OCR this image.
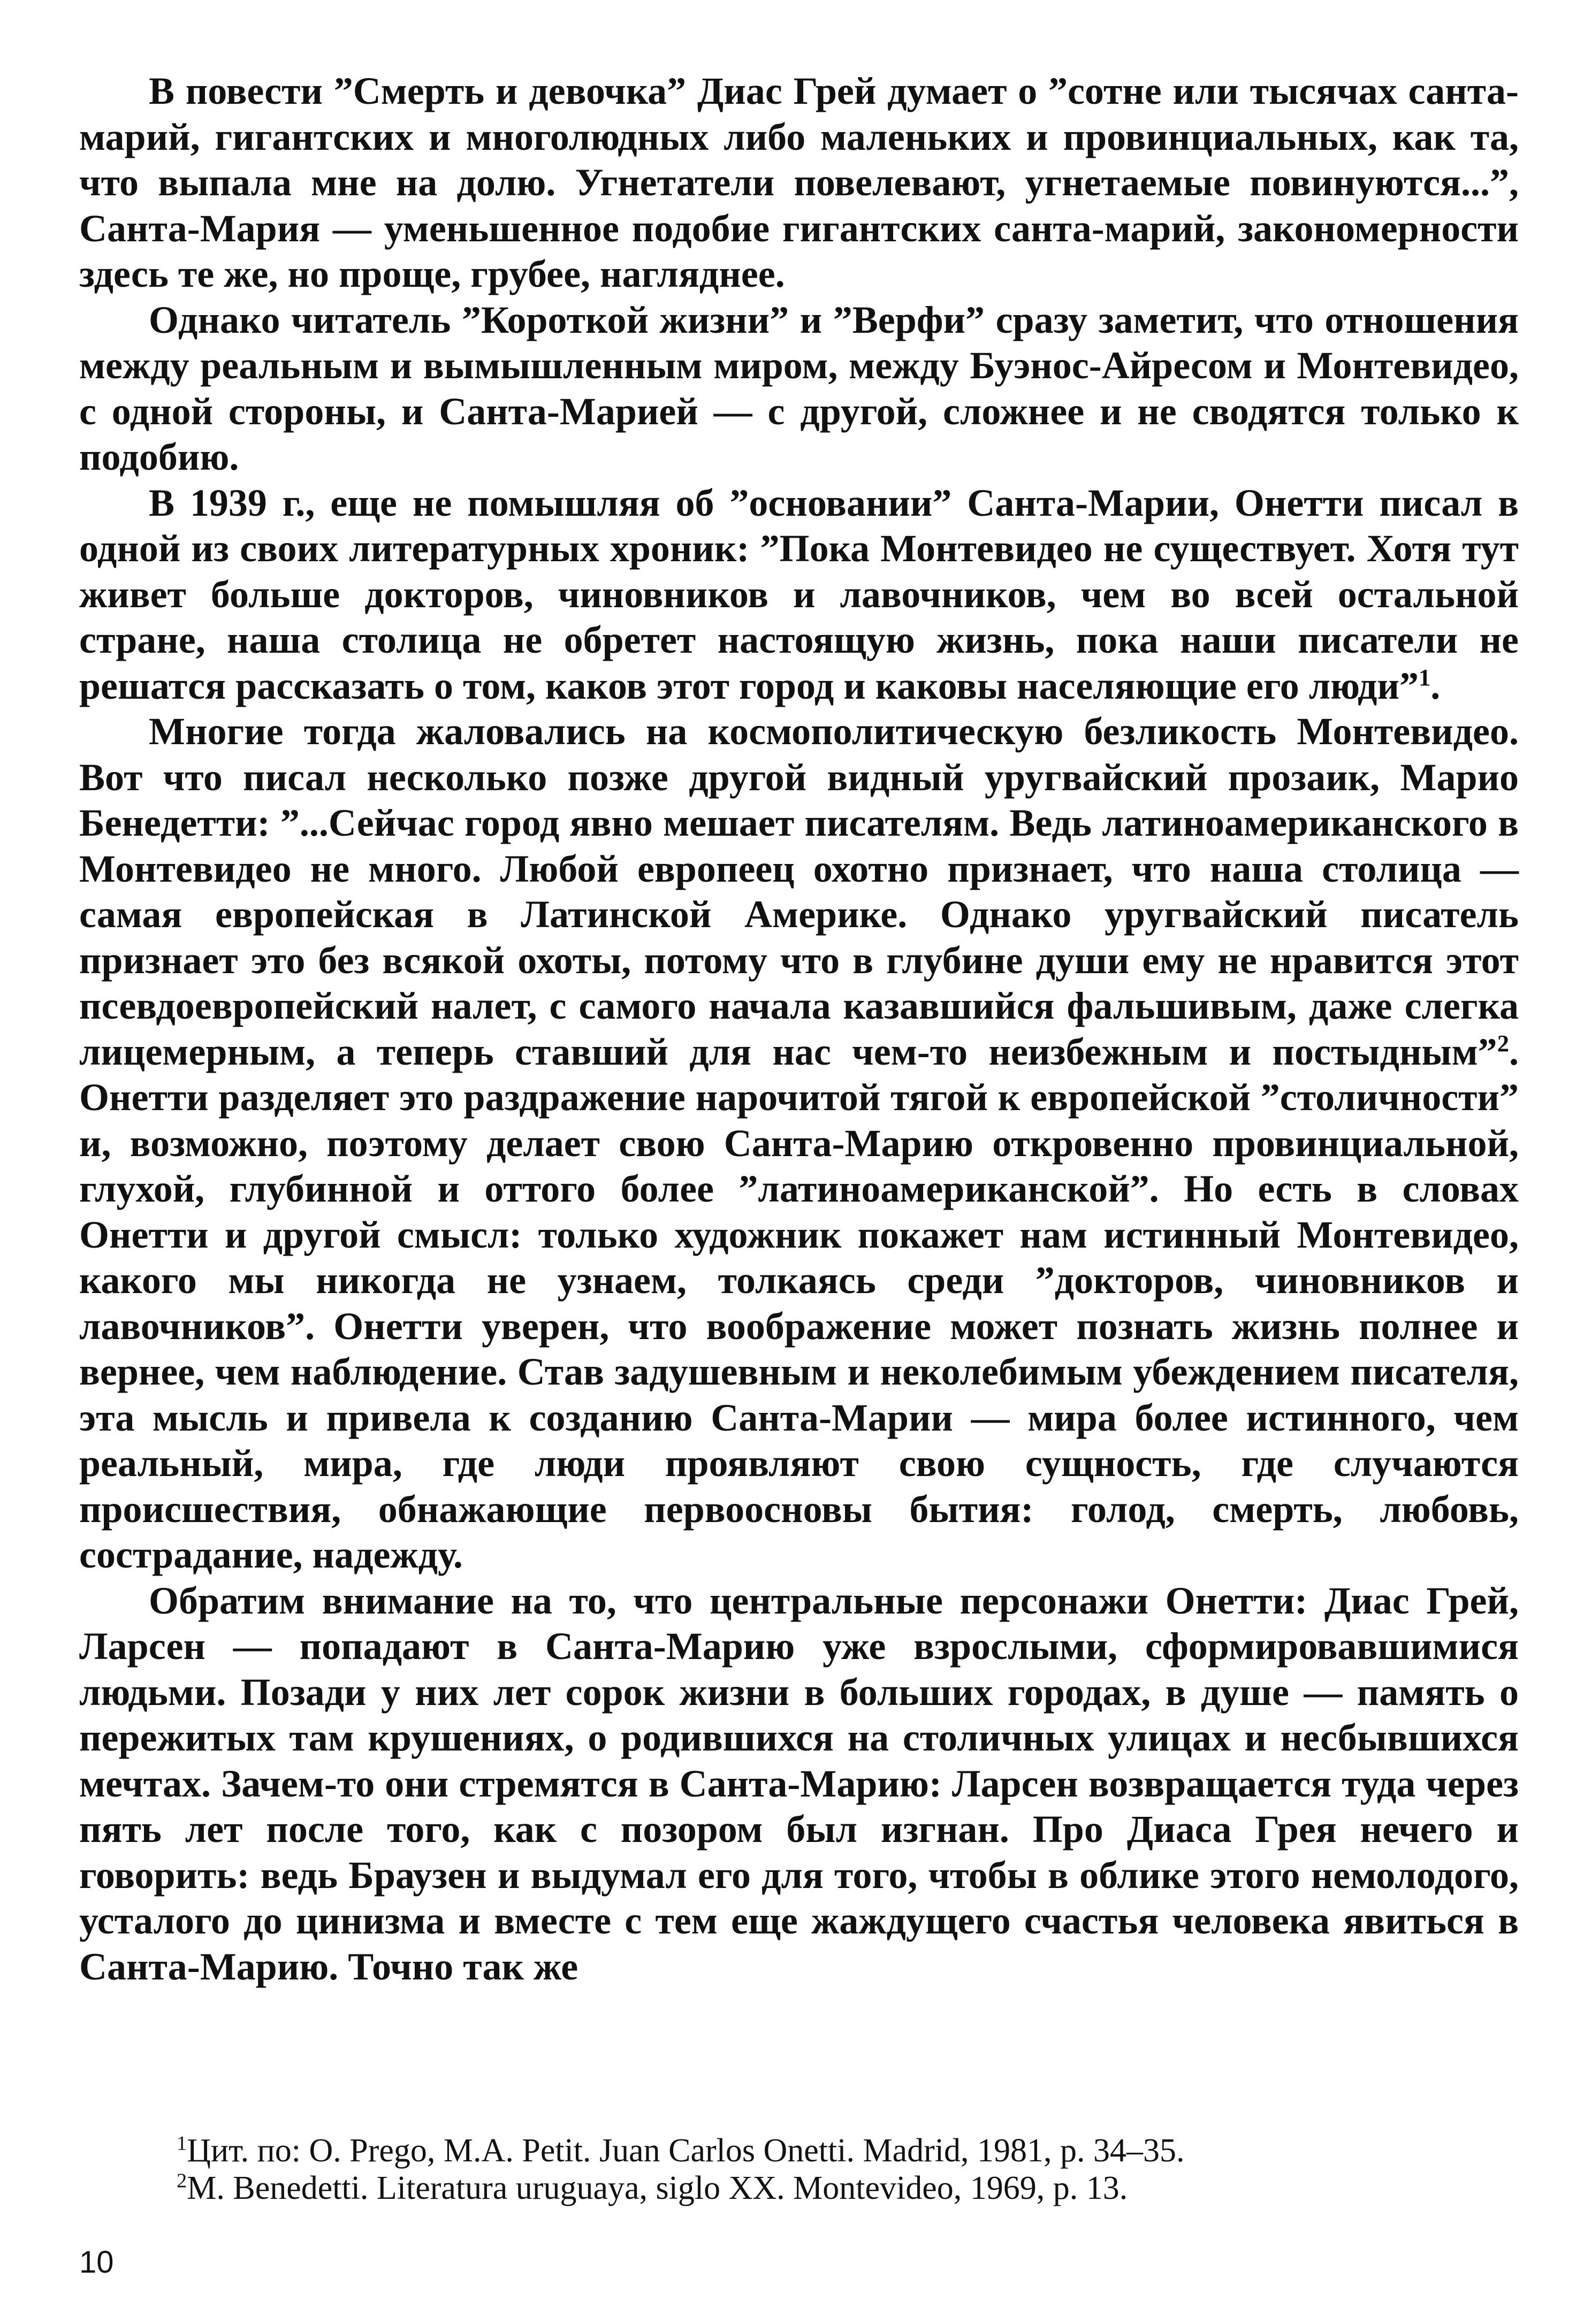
В повести ”Смерть и девочка” Диас Грей думает о ”сотне или тысячах санта-марий, гигантских и многолюдных либо маленьких и провинциальных, как та, что выпала мне на долю. Угнетатели повелевают, угнетаемые повинуются...”, Санта-Мария — уменьшенное подобие гигантских санта-марий, закономерности здесь те же, но проще, грубее, нагляднее.

Однако читатель ”Короткой жизни” и ”Верфи” сразу заметит, что отношения между реальным и вымышленным миром, между Буэнос-Айресом и Монтевидео, с одной стороны, и Санта-Марией — с другой, сложнее и не сводятся только к подобию.

В 1939 г., еще не помышляя об ”основании” Санта-Марии, Онетти писал в одной из своих литературных хроник: ”Пока Монтевидео не существует. Хотя тут живет больше докторов, чиновников и лавочников, чем во всей остальной стране, наша столица не обретет настоящую жизнь, пока наши писатели не решатся рассказать о том, каков этот город и каковы населяющие его люди”$^1$.

Многие тогда жаловались на космополитическую безликость Монтевидео. Вот что писал несколько позже другой видный уругвайский прозаик, Марио Бенедетти: ”...Сейчас город явно мешает писателям. Ведь латиноамериканского в Монтевидео не много. Любой европеец охотно признает, что наша столица — самая европейская в Латинской Америке. Однако уругвайский писатель признает это без всякой охоты, потому что в глубине души ему не нравится этот псевдоевропейский налет, с самого начала казавшийся фальшивым, даже слегка лицемерным, а теперь ставший для нас чем-то неизбежным и постыдным”$^2$. Онетти разделяет это раздражение нарочитой тягой к европейской ”столичности” и, возможно, поэтому делает свою Санта-Марию откровенно провинциальной, глухой, глубинной и оттого более ”латиноамериканской”. Но есть в словах Онетти и другой смысл: только художник покажет нам истинный Монтевидео, какого мы никогда не узнаем, толкаясь среди ”докторов, чиновников и лавочников”. Онетти уверен, что воображение может познать жизнь полнее и вернее, чем наблюдение. Став задушевным и неколебимым убеждением писателя, эта мысль и привела к созданию Санта-Марии — мира более истинного, чем реальный, мира, где люди проявляют свою сущность, где случаются происшествия, обнажающие первоосновы бытия: голод, смерть, любовь, сострадание, надежду.

Обратим внимание на то, что центральные персонажи Онетти: Диас Грей, Ларсен — попадают в Санта-Марию уже взрослыми, сформировавшимися людьми. Позади у них лет сорок жизни в больших городах, в душе — память о пережитых там крушениях, о родившихся на столичных улицах и несбывшихся мечтах. Зачем-то они стремятся в Санта-Марию: Ларсен возвращается туда через пять лет после того, как с позором был изгнан. Про Диаса Грея нечего и говорить: ведь Браузен и выдумал его для того, чтобы в облике этого немолодого, усталого до цинизма и вместе с тем еще жаждущего счастья человека явиться в Санта-Марию. Точно так же

$^1$Цит. по: O. Prego, M.A. Petit. Juan Carlos Onetti. Madrid, 1981, p. 34–35.
$^2$M. Benedetti. Literatura uruguaya, siglo XX. Montevideo, 1969, p. 13.
10
